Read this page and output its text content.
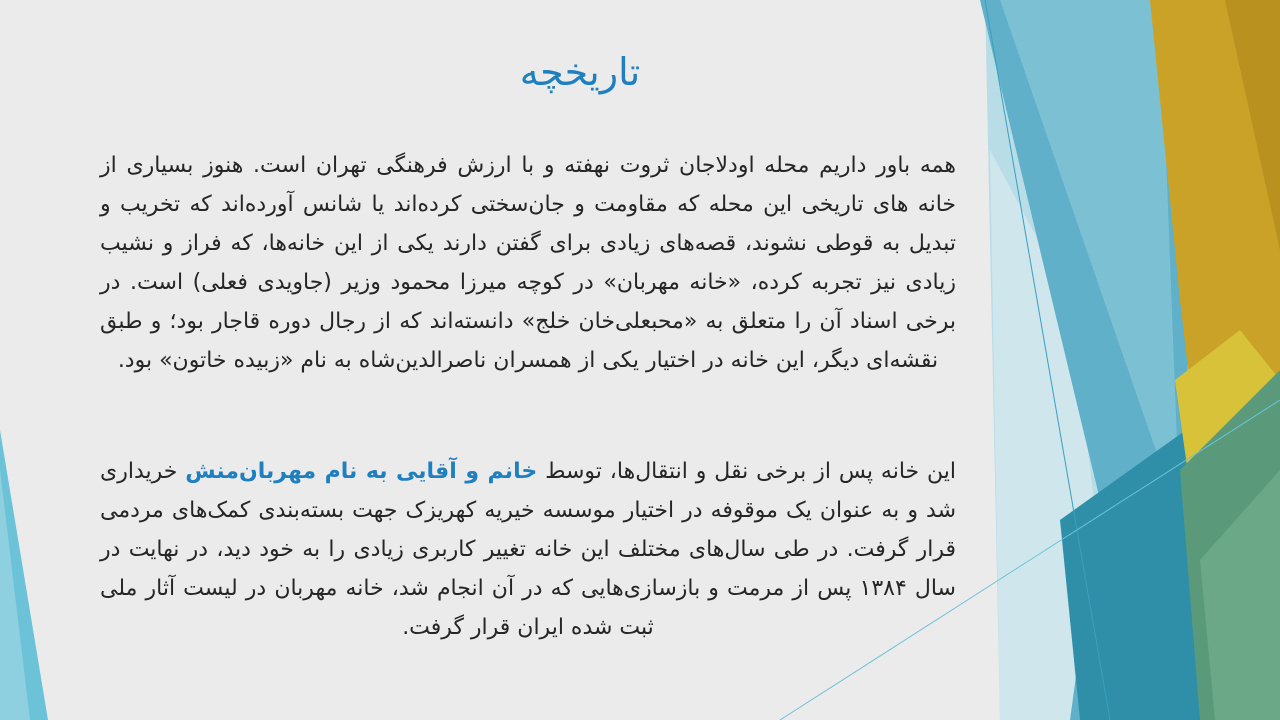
تاریخچه

همه باور داریم محله اودلاجان ثروت نهفته و با ارزش فرهنگی تهران است. هنوز بسیاری از خانه های تاریخی این محله که مقاومت و جان‌سختی کرده‌اند یا شانس آورده‌اند که تخریب و تبدیل به قوطی نشوند، قصه‌های زیادی برای گفتن دارند یکی از این خانه‌ها، که فراز و نشیب زیادی نیز تجربه کرده، «خانه مهربان» در کوچه میرزا محمود وزیر (جاویدی فعلی) است. در برخی اسناد آن را متعلق به «محبعلی‌خان خلج» دانسته‌اند که از رجال دوره قاجار بود؛ و طبق نقشه‌ای دیگر، این خانه در اختیار یکی از همسران ناصرالدین‌شاه به نام «زبیده خاتون» بود.

این خانه پس از برخی نقل و انتقال‌ها، توسط خانم و آقایی به نام مهربان‌منش خریداری شد و به عنوان یک موقوفه در اختیار موسسه خیریه کهریزک جهت بسته‌بندی کمک‌های مردمی قرار گرفت. در طی سال‌های مختلف این خانه تغییر کاربری زیادی را به خود دید، در نهایت در سال ۱۳۸۴ پس از مرمت و بازسازی‌هایی که در آن انجام شد، خانه مهربان در لیست آثار ملی ثبت شده ایران قرار گرفت.
